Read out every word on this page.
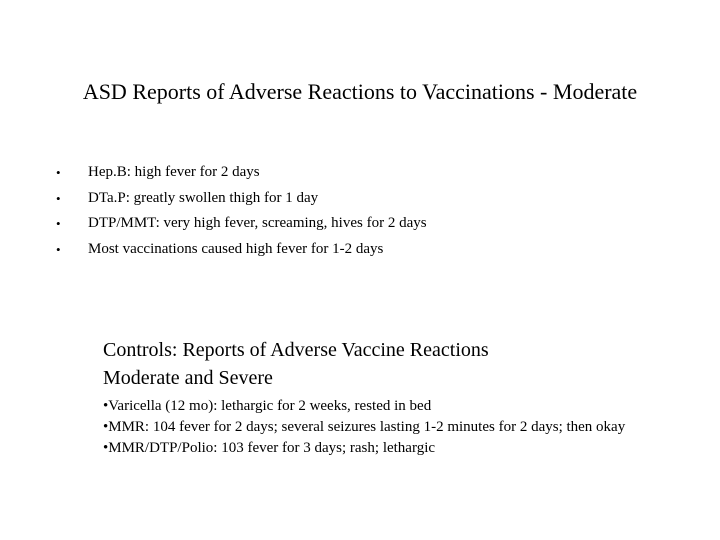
ASD Reports of Adverse Reactions to Vaccinations - Moderate
• Hep.B: high fever for 2 days
• DTa.P: greatly swollen thigh for 1 day
• DTP/MMT: very high fever, screaming, hives for 2 days
• Most vaccinations caused high fever for 1-2 days
Controls: Reports of Adverse Vaccine Reactions
Moderate and Severe
•Varicella (12 mo): lethargic for 2 weeks, rested in bed
•MMR: 104 fever for 2 days; several seizures lasting 1-2 minutes for 2 days; then okay
•MMR/DTP/Polio: 103 fever for 3 days; rash; lethargic
